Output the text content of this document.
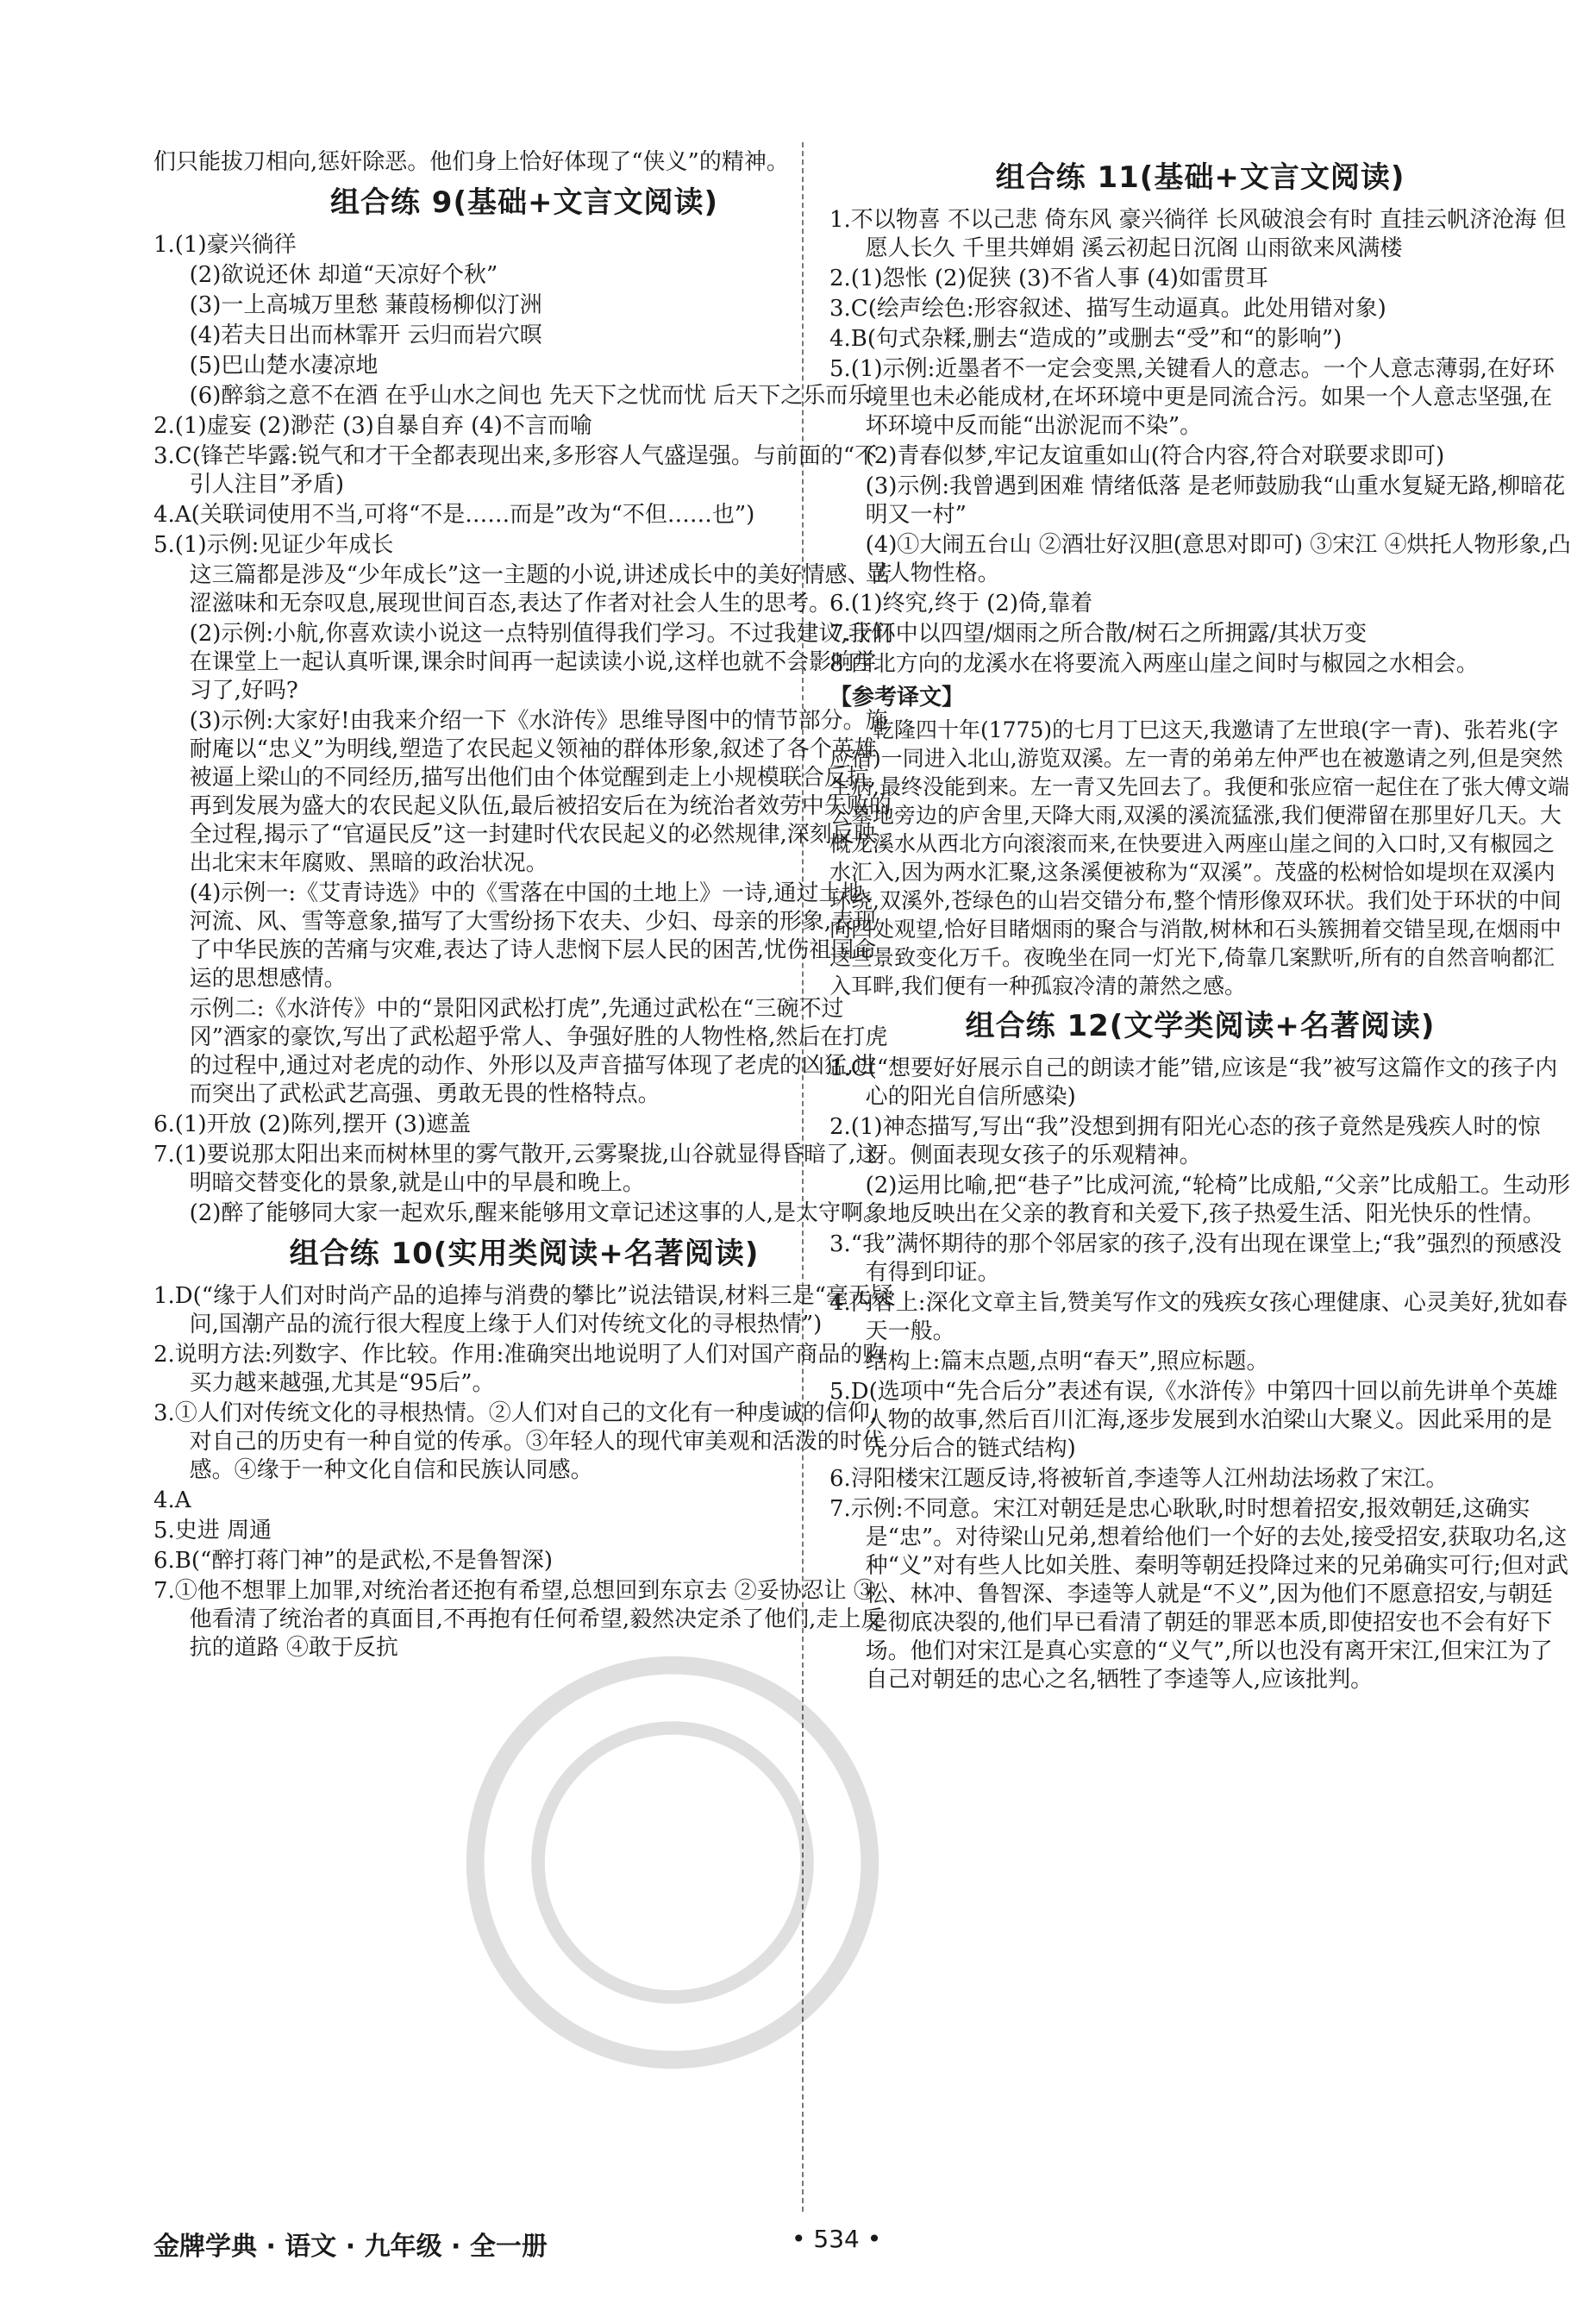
们只能拔刀相向,惩奸除恶。他们身上恰好体现了“侠义”的精神。

组合练 9(基础+文言文阅读)
1.(1)豪兴徜徉
(2)欲说还休 却道“天凉好个秋”
(3)一上高城万里愁 蒹葭杨柳似汀洲
(4)若夫日出而林霏开 云归而岩穴暝
(5)巴山楚水凄凉地
(6)醉翁之意不在酒 在乎山水之间也 先天下之忧而忧 后天下之乐而乐
2.(1)虚妄 (2)渺茫 (3)自暴自弃 (4)不言而喻
3.C(锋芒毕露:锐气和才干全都表现出来,多形容人气盛逞强。与前面的“不引人注目”矛盾)
4.A(关联词使用不当,可将“不是……而是”改为“不但……也”)
5.(1)示例:见证少年成长
这三篇都是涉及“少年成长”这一主题的小说,讲述成长中的美好情感、苦涩滋味和无奈叹息,展现世间百态,表达了作者对社会人生的思考。
(2)示例:小航,你喜欢读小说这一点特别值得我们学习。不过我建议,我们在课堂上一起认真听课,课余时间再一起读读小说,这样也就不会影响学习了,好吗?
(3)示例:大家好!由我来介绍一下《水浒传》思维导图中的情节部分。施耐庵以“忠义”为明线,塑造了农民起义领袖的群体形象,叙述了各个英雄被逼上梁山的不同经历,描写出他们由个体觉醒到走上小规模联合反抗,再到发展为盛大的农民起义队伍,最后被招安后在为统治者效劳中失败的全过程,揭示了“官逼民反”这一封建时代农民起义的必然规律,深刻反映出北宋末年腐败、黑暗的政治状况。
(4)示例一:《艾青诗选》中的《雪落在中国的土地上》一诗,通过土地、河流、风、雪等意象,描写了大雪纷扬下农夫、少妇、母亲的形象,表现了中华民族的苦痛与灾难,表达了诗人悲悯下层人民的困苦,忧伤祖国命运的思想感情。
示例二:《水浒传》中的“景阳冈武松打虎”,先通过武松在“三碗不过冈”酒家的豪饮,写出了武松超乎常人、争强好胜的人物性格,然后在打虎的过程中,通过对老虎的动作、外形以及声音描写体现了老虎的凶猛,进而突出了武松武艺高强、勇敢无畏的性格特点。
6.(1)开放 (2)陈列,摆开 (3)遮盖
7.(1)要说那太阳出来而树林里的雾气散开,云雾聚拢,山谷就显得昏暗了,这明暗交替变化的景象,就是山中的早晨和晚上。
(2)醉了能够同大家一起欢乐,醒来能够用文章记述这事的人,是太守啊。
组合练 10(实用类阅读+名著阅读)
1.D(“缘于人们对时尚产品的追捧与消费的攀比”说法错误,材料三是“毫无疑问,国潮产品的流行很大程度上缘于人们对传统文化的寻根热情”)
2.说明方法:列数字、作比较。作用:准确突出地说明了人们对国产商品的购买力越来越强,尤其是“95后”。
3.①人们对传统文化的寻根热情。②人们对自己的文化有一种虔诚的信仰,对自己的历史有一种自觉的传承。③年轻人的现代审美观和活泼的时代感。④缘于一种文化自信和民族认同感。
4.A
5.史进 周通
6.B(“醉打蒋门神”的是武松,不是鲁智深)
7.①他不想罪上加罪,对统治者还抱有希望,总想回到东京去 ②妥协忍让 ③他看清了统治者的真面目,不再抱有任何希望,毅然决定杀了他们,走上反抗的道路 ④敢于反抗
组合练 11(基础+文言文阅读)
1.不以物喜 不以己悲 倚东风 豪兴徜徉 长风破浪会有时 直挂云帆济沧海 但愿人长久 千里共婵娟 溪云初起日沉阁 山雨欲来风满楼
2.(1)怨怅 (2)促狭 (3)不省人事 (4)如雷贯耳
3.C(绘声绘色:形容叙述、描写生动逼真。此处用错对象)
4.B(句式杂糅,删去“造成的”或删去“受”和“的影响”)
5.(1)示例:近墨者不一定会变黑,关键看人的意志。一个人意志薄弱,在好环境里也未必能成材,在坏环境中更是同流合污。如果一个人意志坚强,在坏环境中反而能“出淤泥而不染”。
(2)青春似梦,牢记友谊重如山(符合内容,符合对联要求即可)
(3)示例:我曾遇到困难 情绪低落 是老师鼓励我“山重水复疑无路,柳暗花明又一村”
(4)①大闹五台山 ②酒壮好汉胆(意思对即可) ③宋江 ④烘托人物形象,凸显人物性格。
6.(1)终究,终于 (2)倚,靠着
7.于环中以四望/烟雨之所合散/树石之所拥露/其状万变
8.西北方向的龙溪水在将要流入两座山崖之间时与椒园之水相会。
【参考译文】
乾隆四十年(1775)的七月丁巳这天,我邀请了左世琅(字一青)、张若兆(字应宿)一同进入北山,游览双溪。左一青的弟弟左仲严也在被邀请之列,但是突然生病,最终没能到来。左一青又先回去了。我便和张应宿一起住在了张大傅文端公墓地旁边的庐舍里,天降大雨,双溪的溪流猛涨,我们便滞留在那里好几天。大概龙溪水从西北方向滚滚而来,在快要进入两座山崖之间的入口时,又有椒园之水汇入,因为两水汇聚,这条溪便被称为“双溪”。茂盛的松树恰如堤坝在双溪内环绕,双溪外,苍绿色的山岩交错分布,整个情形像双环状。我们处于环状的中间向四处观望,恰好目睹烟雨的聚合与消散,树林和石头簇拥着交错呈现,在烟雨中这些景致变化万千。夜晚坐在同一灯光下,倚靠几案默听,所有的自然音响都汇入耳畔,我们便有一种孤寂冷清的萧然之感。
组合练 12(文学类阅读+名著阅读)
1.C(“想要好好展示自己的朗读才能”错,应该是“我”被写这篇作文的孩子内心的阳光自信所感染)
2.(1)神态描写,写出“我”没想到拥有阳光心态的孩子竟然是残疾人时的惊讶。侧面表现女孩子的乐观精神。
(2)运用比喻,把“巷子”比成河流,“轮椅”比成船,“父亲”比成船工。生动形象地反映出在父亲的教育和关爱下,孩子热爱生活、阳光快乐的性情。
3.“我”满怀期待的那个邻居家的孩子,没有出现在课堂上;“我”强烈的预感没有得到印证。
4.内容上:深化文章主旨,赞美写作文的残疾女孩心理健康、心灵美好,犹如春天一般。
结构上:篇末点题,点明“春天”,照应标题。
5.D(选项中“先合后分”表述有误,《水浒传》中第四十回以前先讲单个英雄人物的故事,然后百川汇海,逐步发展到水泊梁山大聚义。因此采用的是先分后合的链式结构)
6.浔阳楼宋江题反诗,将被斩首,李逵等人江州劫法场救了宋江。
7.示例:不同意。宋江对朝廷是忠心耿耿,时时想着招安,报效朝廷,这确实是“忠”。对待梁山兄弟,想着给他们一个好的去处,接受招安,获取功名,这种“义”对有些人比如关胜、秦明等朝廷投降过来的兄弟确实可行;但对武松、林冲、鲁智深、李逵等人就是“不义”,因为他们不愿意招安,与朝廷是彻底决裂的,他们早已看清了朝廷的罪恶本质,即使招安也不会有好下场。他们对宋江是真心实意的“义气”,所以也没有离开宋江,但宋江为了自己对朝廷的忠心之名,牺牲了李逵等人,应该批判。
金牌学典 · 语文 · 九年级 · 全一册	• 534 •
